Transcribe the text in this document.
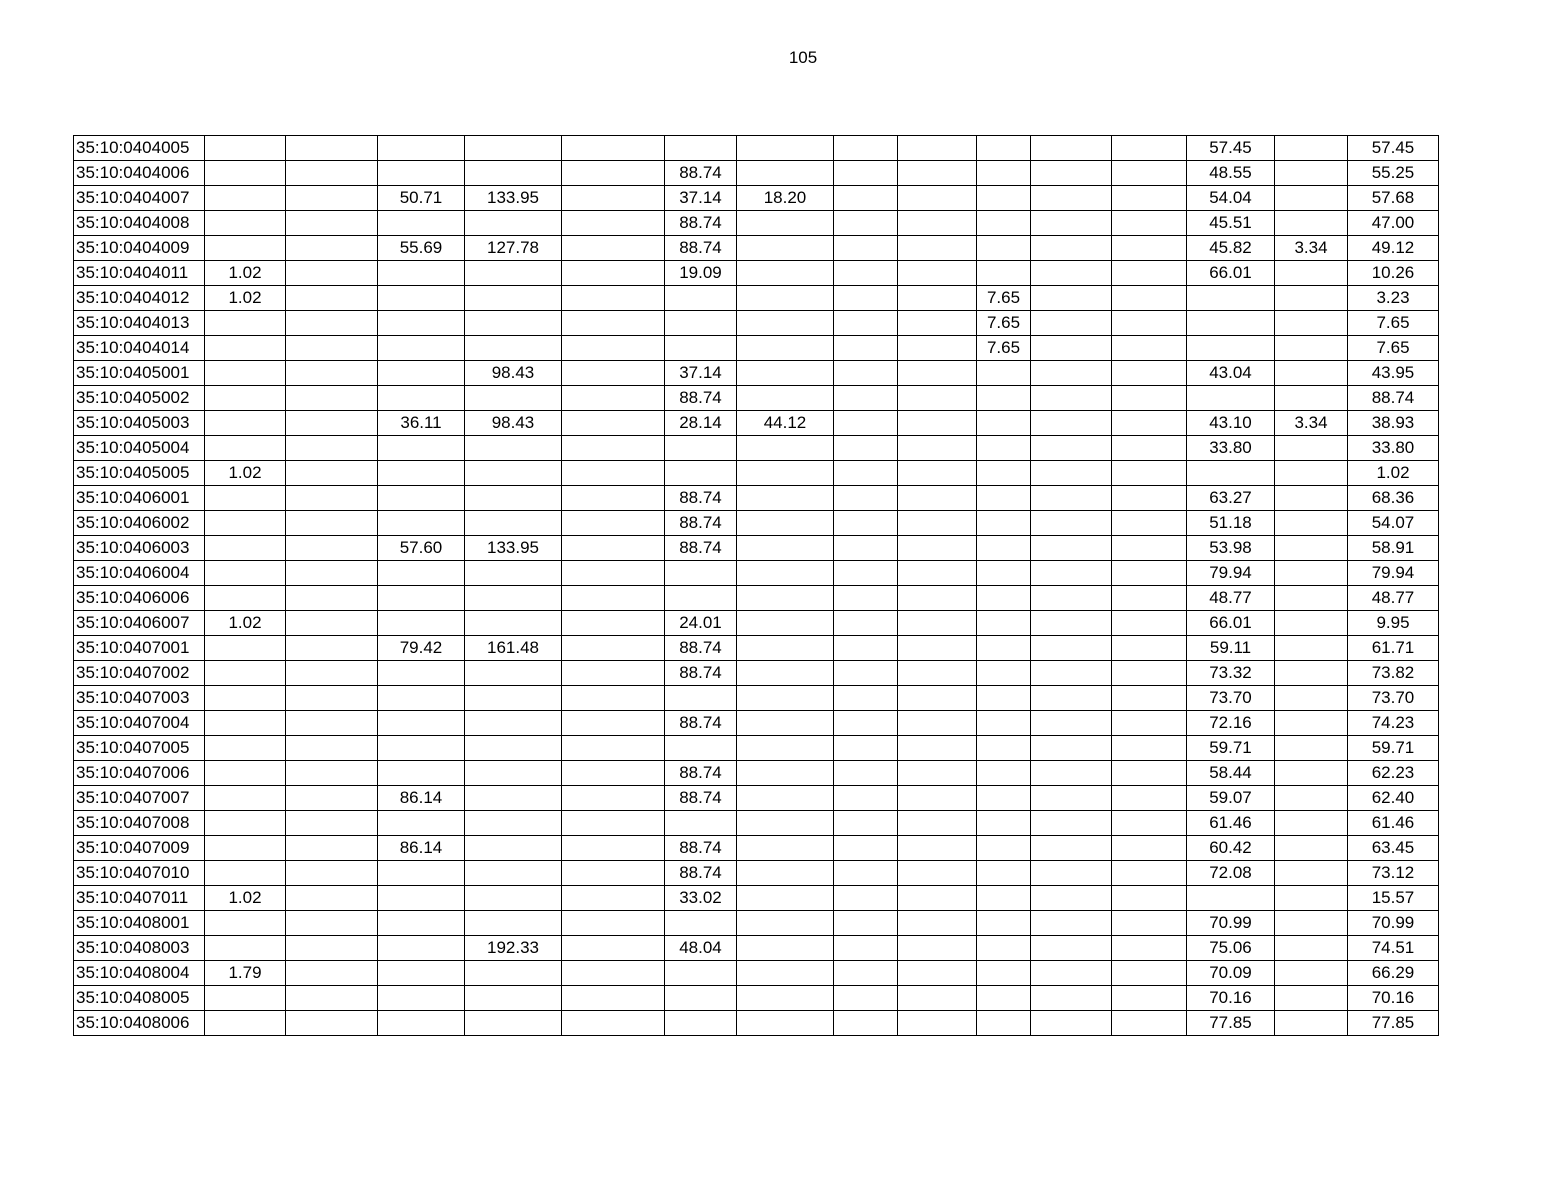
105
35:10:0404005													57.45		57.45
35:10:0404006						88.74							48.55		55.25
35:10:0404007			50.71	133.95		37.14	18.20						54.04		57.68
35:10:0404008						88.74							45.51		47.00
35:10:0404009			55.69	127.78		88.74							45.82	3.34	49.12
35:10:0404011	1.02					19.09							66.01		10.26
35:10:0404012	1.02									7.65					3.23
35:10:0404013										7.65					7.65
35:10:0404014										7.65					7.65
35:10:0405001				98.43		37.14							43.04		43.95
35:10:0405002						88.74									88.74
35:10:0405003			36.11	98.43		28.14	44.12						43.10	3.34	38.93
35:10:0405004													33.80		33.80
35:10:0405005	1.02														1.02
35:10:0406001						88.74							63.27		68.36
35:10:0406002						88.74							51.18		54.07
35:10:0406003			57.60	133.95		88.74							53.98		58.91
35:10:0406004													79.94		79.94
35:10:0406006													48.77		48.77
35:10:0406007	1.02					24.01							66.01		9.95
35:10:0407001			79.42	161.48		88.74							59.11		61.71
35:10:0407002						88.74							73.32		73.82
35:10:0407003													73.70		73.70
35:10:0407004						88.74							72.16		74.23
35:10:0407005													59.71		59.71
35:10:0407006						88.74							58.44		62.23
35:10:0407007			86.14			88.74							59.07		62.40
35:10:0407008													61.46		61.46
35:10:0407009			86.14			88.74							60.42		63.45
35:10:0407010						88.74							72.08		73.12
35:10:0407011	1.02					33.02									15.57
35:10:0408001													70.99		70.99
35:10:0408003				192.33		48.04							75.06		74.51
35:10:0408004	1.79												70.09		66.29
35:10:0408005													70.16		70.16
35:10:0408006													77.85		77.85
